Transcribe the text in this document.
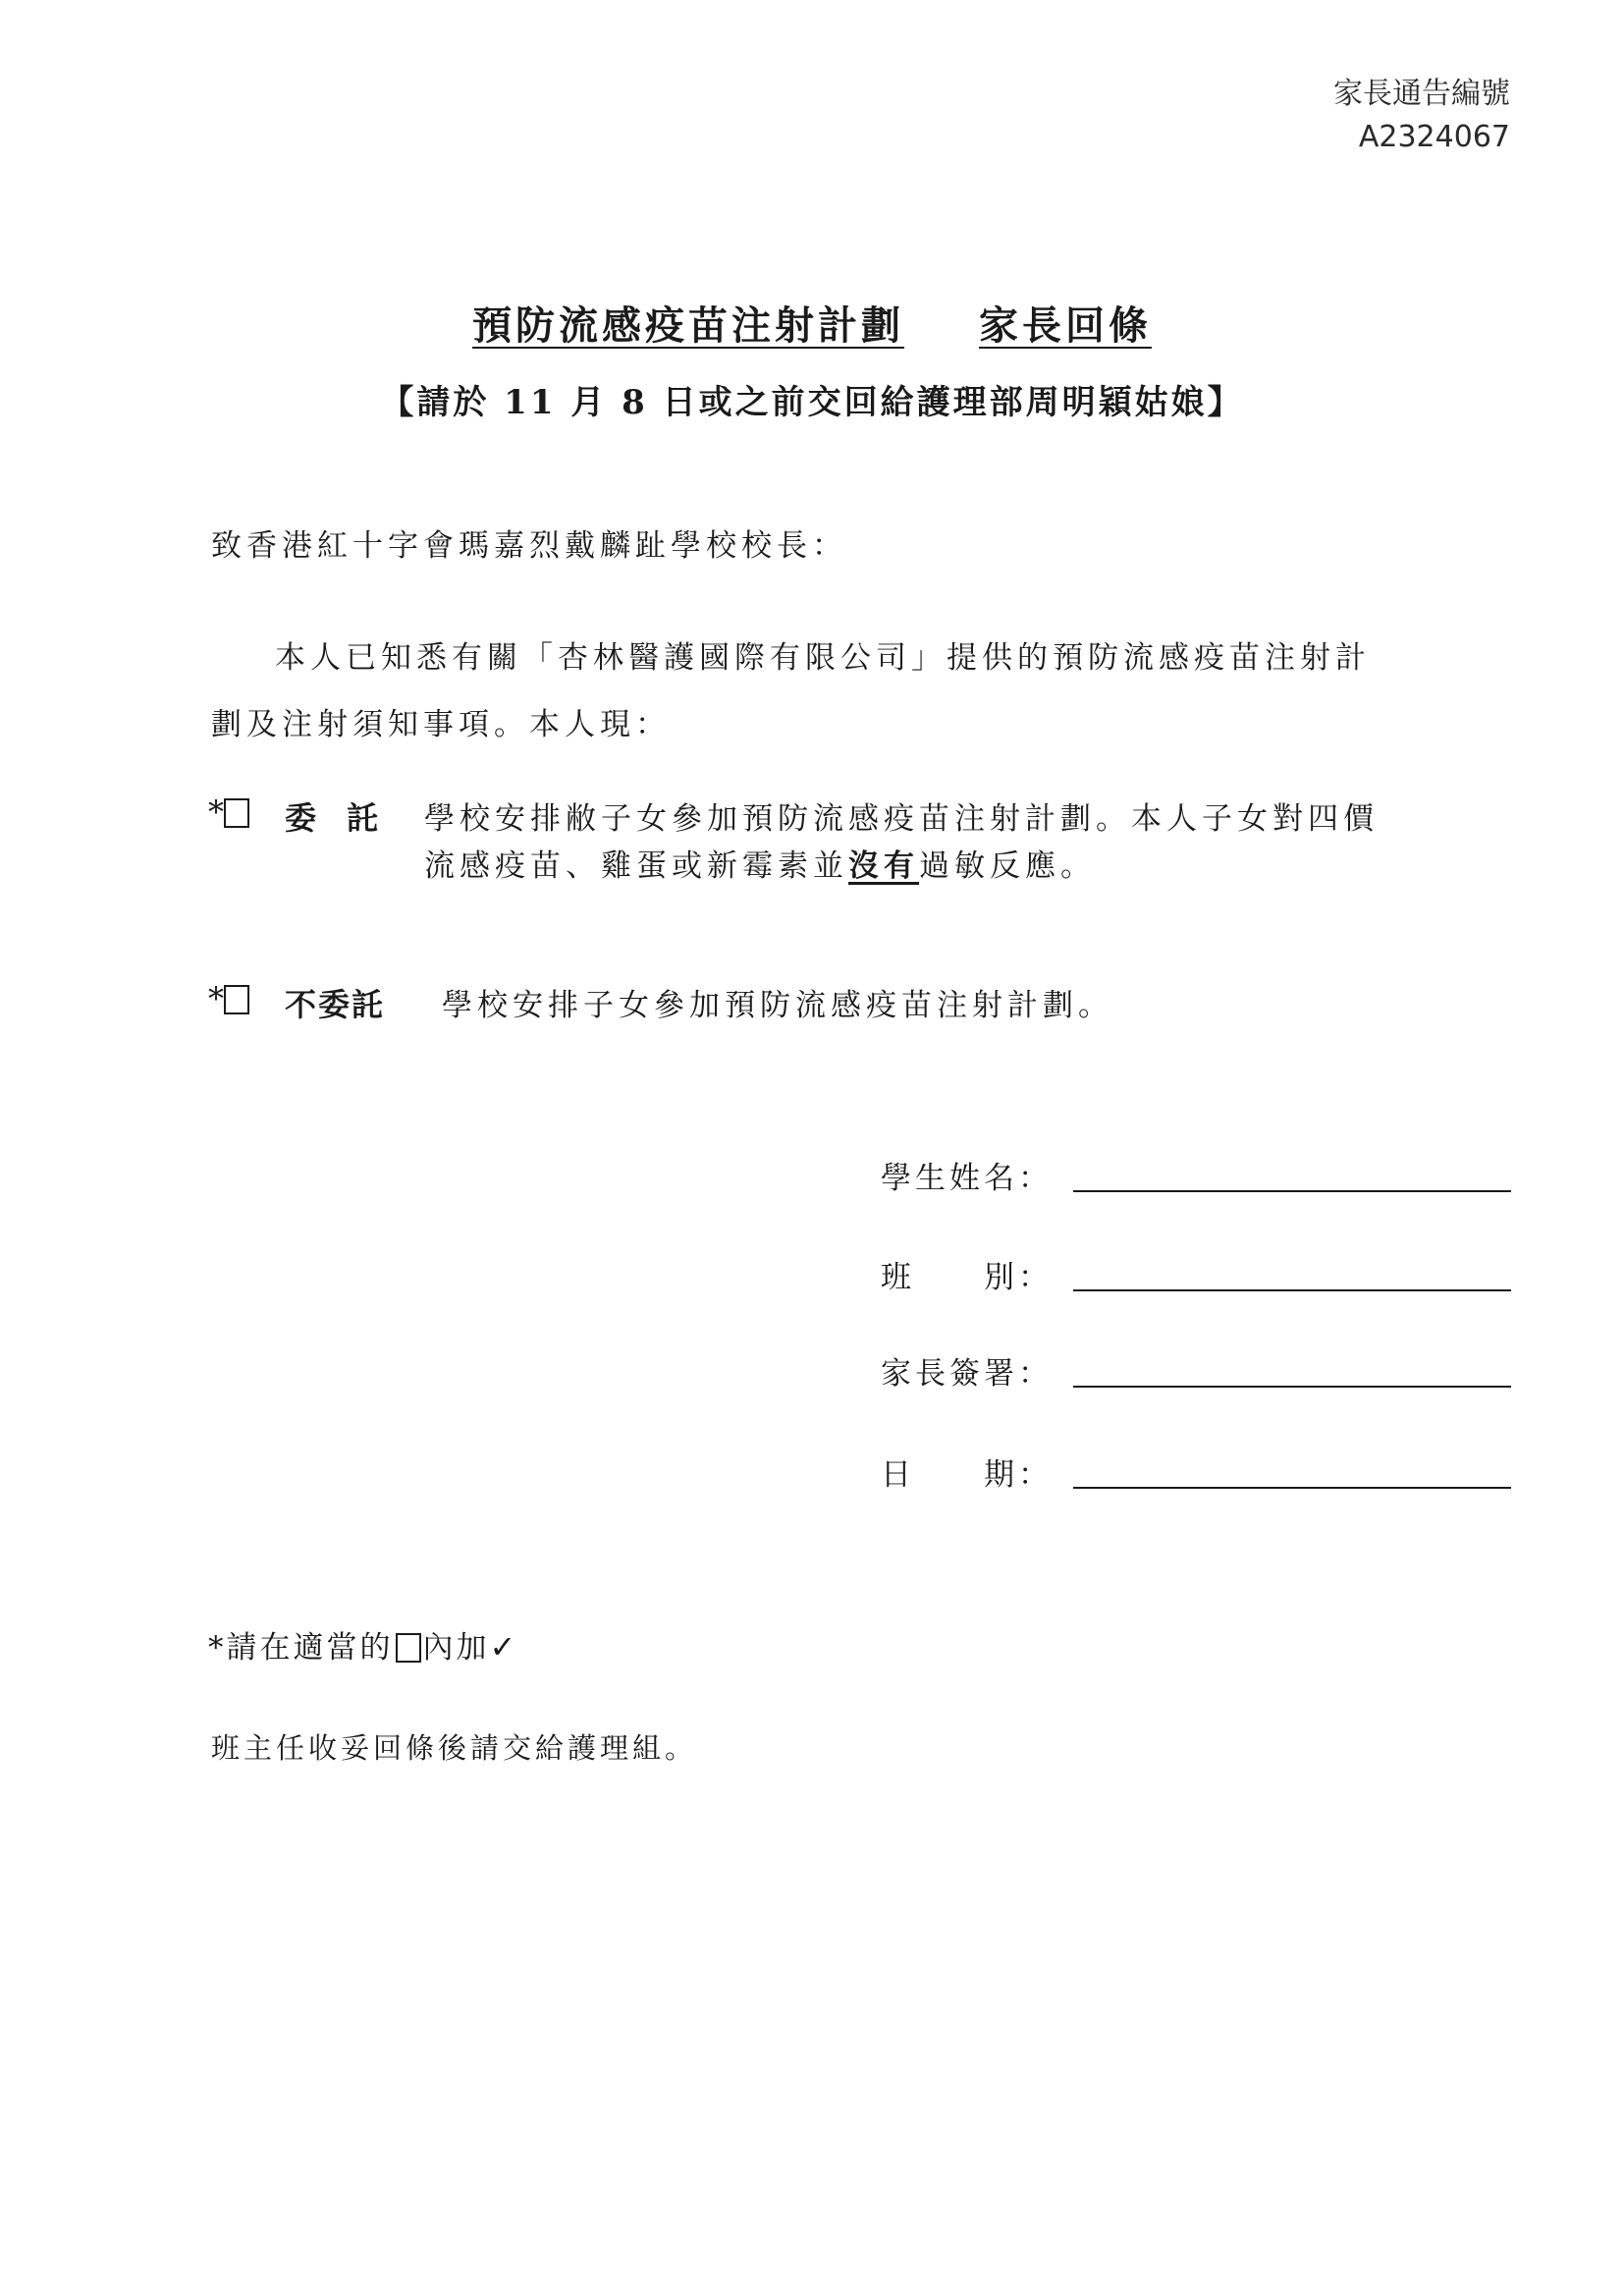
家長通告編號
A2324067
預防流感疫苗注射計劃 家長回條
【請於 11 月 8 日或之前交回給護理部周明穎姑娘】
致香港紅十字會瑪嘉烈戴麟趾學校校長：
本人已知悉有關「杏林醫護國際有限公司」提供的預防流感疫苗注射計
劃及注射須知事項。本人現：
*	委 託 學校安排敝子女參加預防流感疫苗注射計劃。本人子女對四價
流感疫苗、雞蛋或新霉素並沒有過敏反應。
*	不委託 學校安排子女參加預防流感疫苗注射計劃。
學生姓名：
班　　別：
家長簽署：
日　　期：
*請在適當的 內加✓
班主任收妥回條後請交給護理組。
